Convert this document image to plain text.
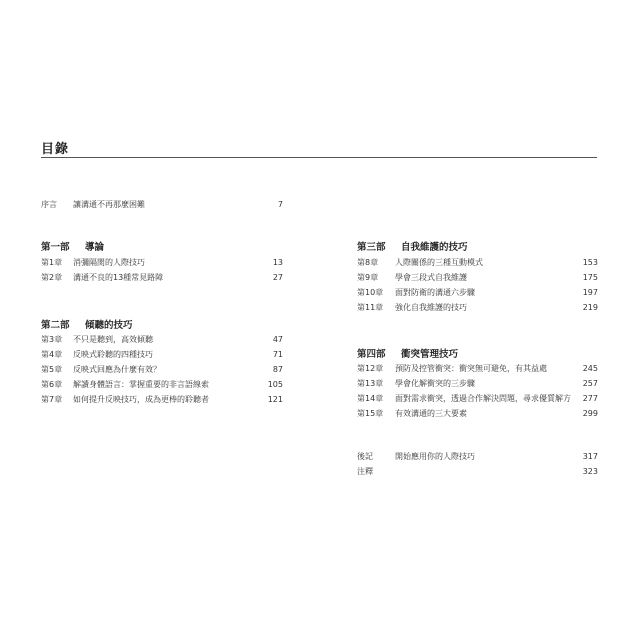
目錄
序言 讓溝通不再那麼困難	7
第一部 導論
第1章 消彌隔閡的人際技巧	13
第2章 溝通不良的13種常見路障	27
第二部 傾聽的技巧
第3章 不只是聽到，高效傾聽	47
第4章 反映式聆聽的四種技巧	71
第5章 反映式回應為什麼有效？	87
第6章 解讀身體語言：掌握重要的非言語線索	105
第7章 如何提升反映技巧，成為更棒的聆聽者	121
第三部 自我維護的技巧
第8章 人際關係的三種互動模式	153
第9章 學會三段式自我維護	175
第10章 面對防衛的溝通六步驟	197
第11章 強化自我維護的技巧	219
第四部 衝突管理技巧
第12章 預防及控管衝突：衝突無可避免，有其益處	245
第13章 學會化解衝突的三步驟	257
第14章 面對需求衝突，透過合作解決問題，尋求優質解方 277
第15章 有效溝通的三大要素	299
後記	開始應用你的人際技巧	317
注釋	323
